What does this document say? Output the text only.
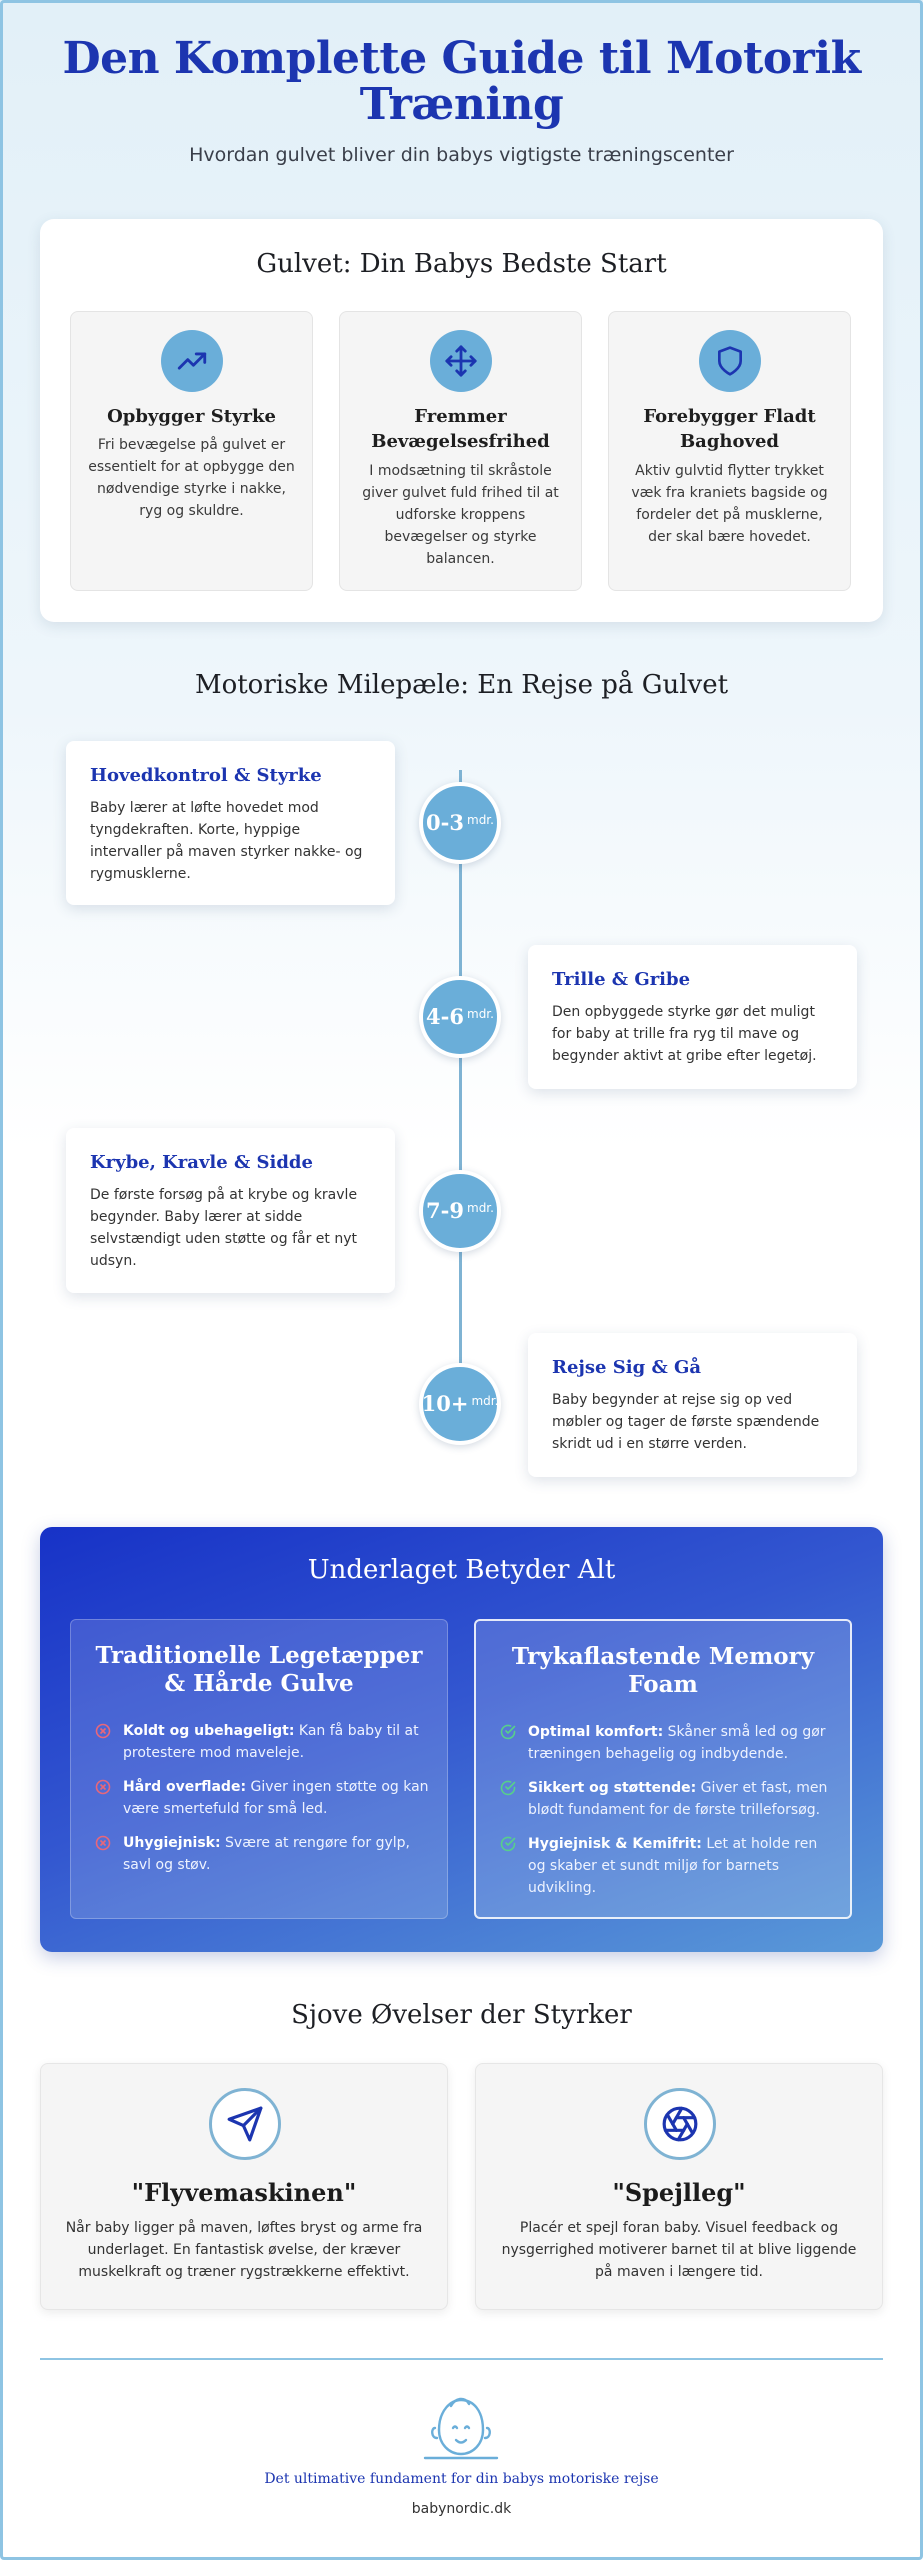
Den Komplette Guide til Motorik Træning
Hvordan gulvet bliver din babys vigtigste træningscenter
Gulvet: Din Babys Bedste Start
Opbygger Styrke
Fri bevægelse på gulvet er essentielt for at opbygge den nødvendige styrke i nakke, ryg og skuldre.
Fremmer Bevægelsesfrihed
I modsætning til skråstole giver gulvet fuld frihed til at udforske kroppens bevægelser og styrke balancen.
Forebygger Fladt Baghoved
Aktiv gulvtid flytter trykket væk fra kraniets bagside og fordeler det på musklerne, der skal bære hovedet.
Motoriske Milepæle: En Rejse på Gulvet
Hovedkontrol & Styrke
Baby lærer at løfte hovedet mod tyngdekraften. Korte, hyppige intervaller på maven styrker nakke- og rygmusklerne.
0-3 mdr.
Trille & Gribe
Den opbyggede styrke gør det muligt for baby at trille fra ryg til mave og begynder aktivt at gribe efter legetøj.
4-6 mdr.
Krybe, Kravle & Sidde
De første forsøg på at krybe og kravle begynder. Baby lærer at sidde selvstændigt uden støtte og får et nyt udsyn.
7-9 mdr.
Rejse Sig & Gå
Baby begynder at rejse sig op ved møbler og tager de første spændende skridt ud i en større verden.
10+ mdr.
Underlaget Betyder Alt
Traditionelle Legetæpper & Hårde Gulve
Koldt og ubehageligt: Kan få baby til at protestere mod maveleje.
Hård overflade: Giver ingen støtte og kan være smertefuld for små led.
Uhygiejnisk: Svære at rengøre for gylp, savl og støv.
Trykaflastende Memory Foam
Optimal komfort: Skåner små led og gør træningen behagelig og indbydende.
Sikkert og støttende: Giver et fast, men blødt fundament for de første trilleforsøg.
Hygiejnisk & Kemifrit: Let at holde ren og skaber et sundt miljø for barnets udvikling.
Sjove Øvelser der Styrker
"Flyvemaskinen"
Når baby ligger på maven, løftes bryst og arme fra underlaget. En fantastisk øvelse, der kræver muskelkraft og træner rygstrækkerne effektivt.
"Spejlleg"
Placér et spejl foran baby. Visuel feedback og nysgerrighed motiverer barnet til at blive liggende på maven i længere tid.
Det ultimative fundament for din babys motoriske rejse
babynordic.dk
